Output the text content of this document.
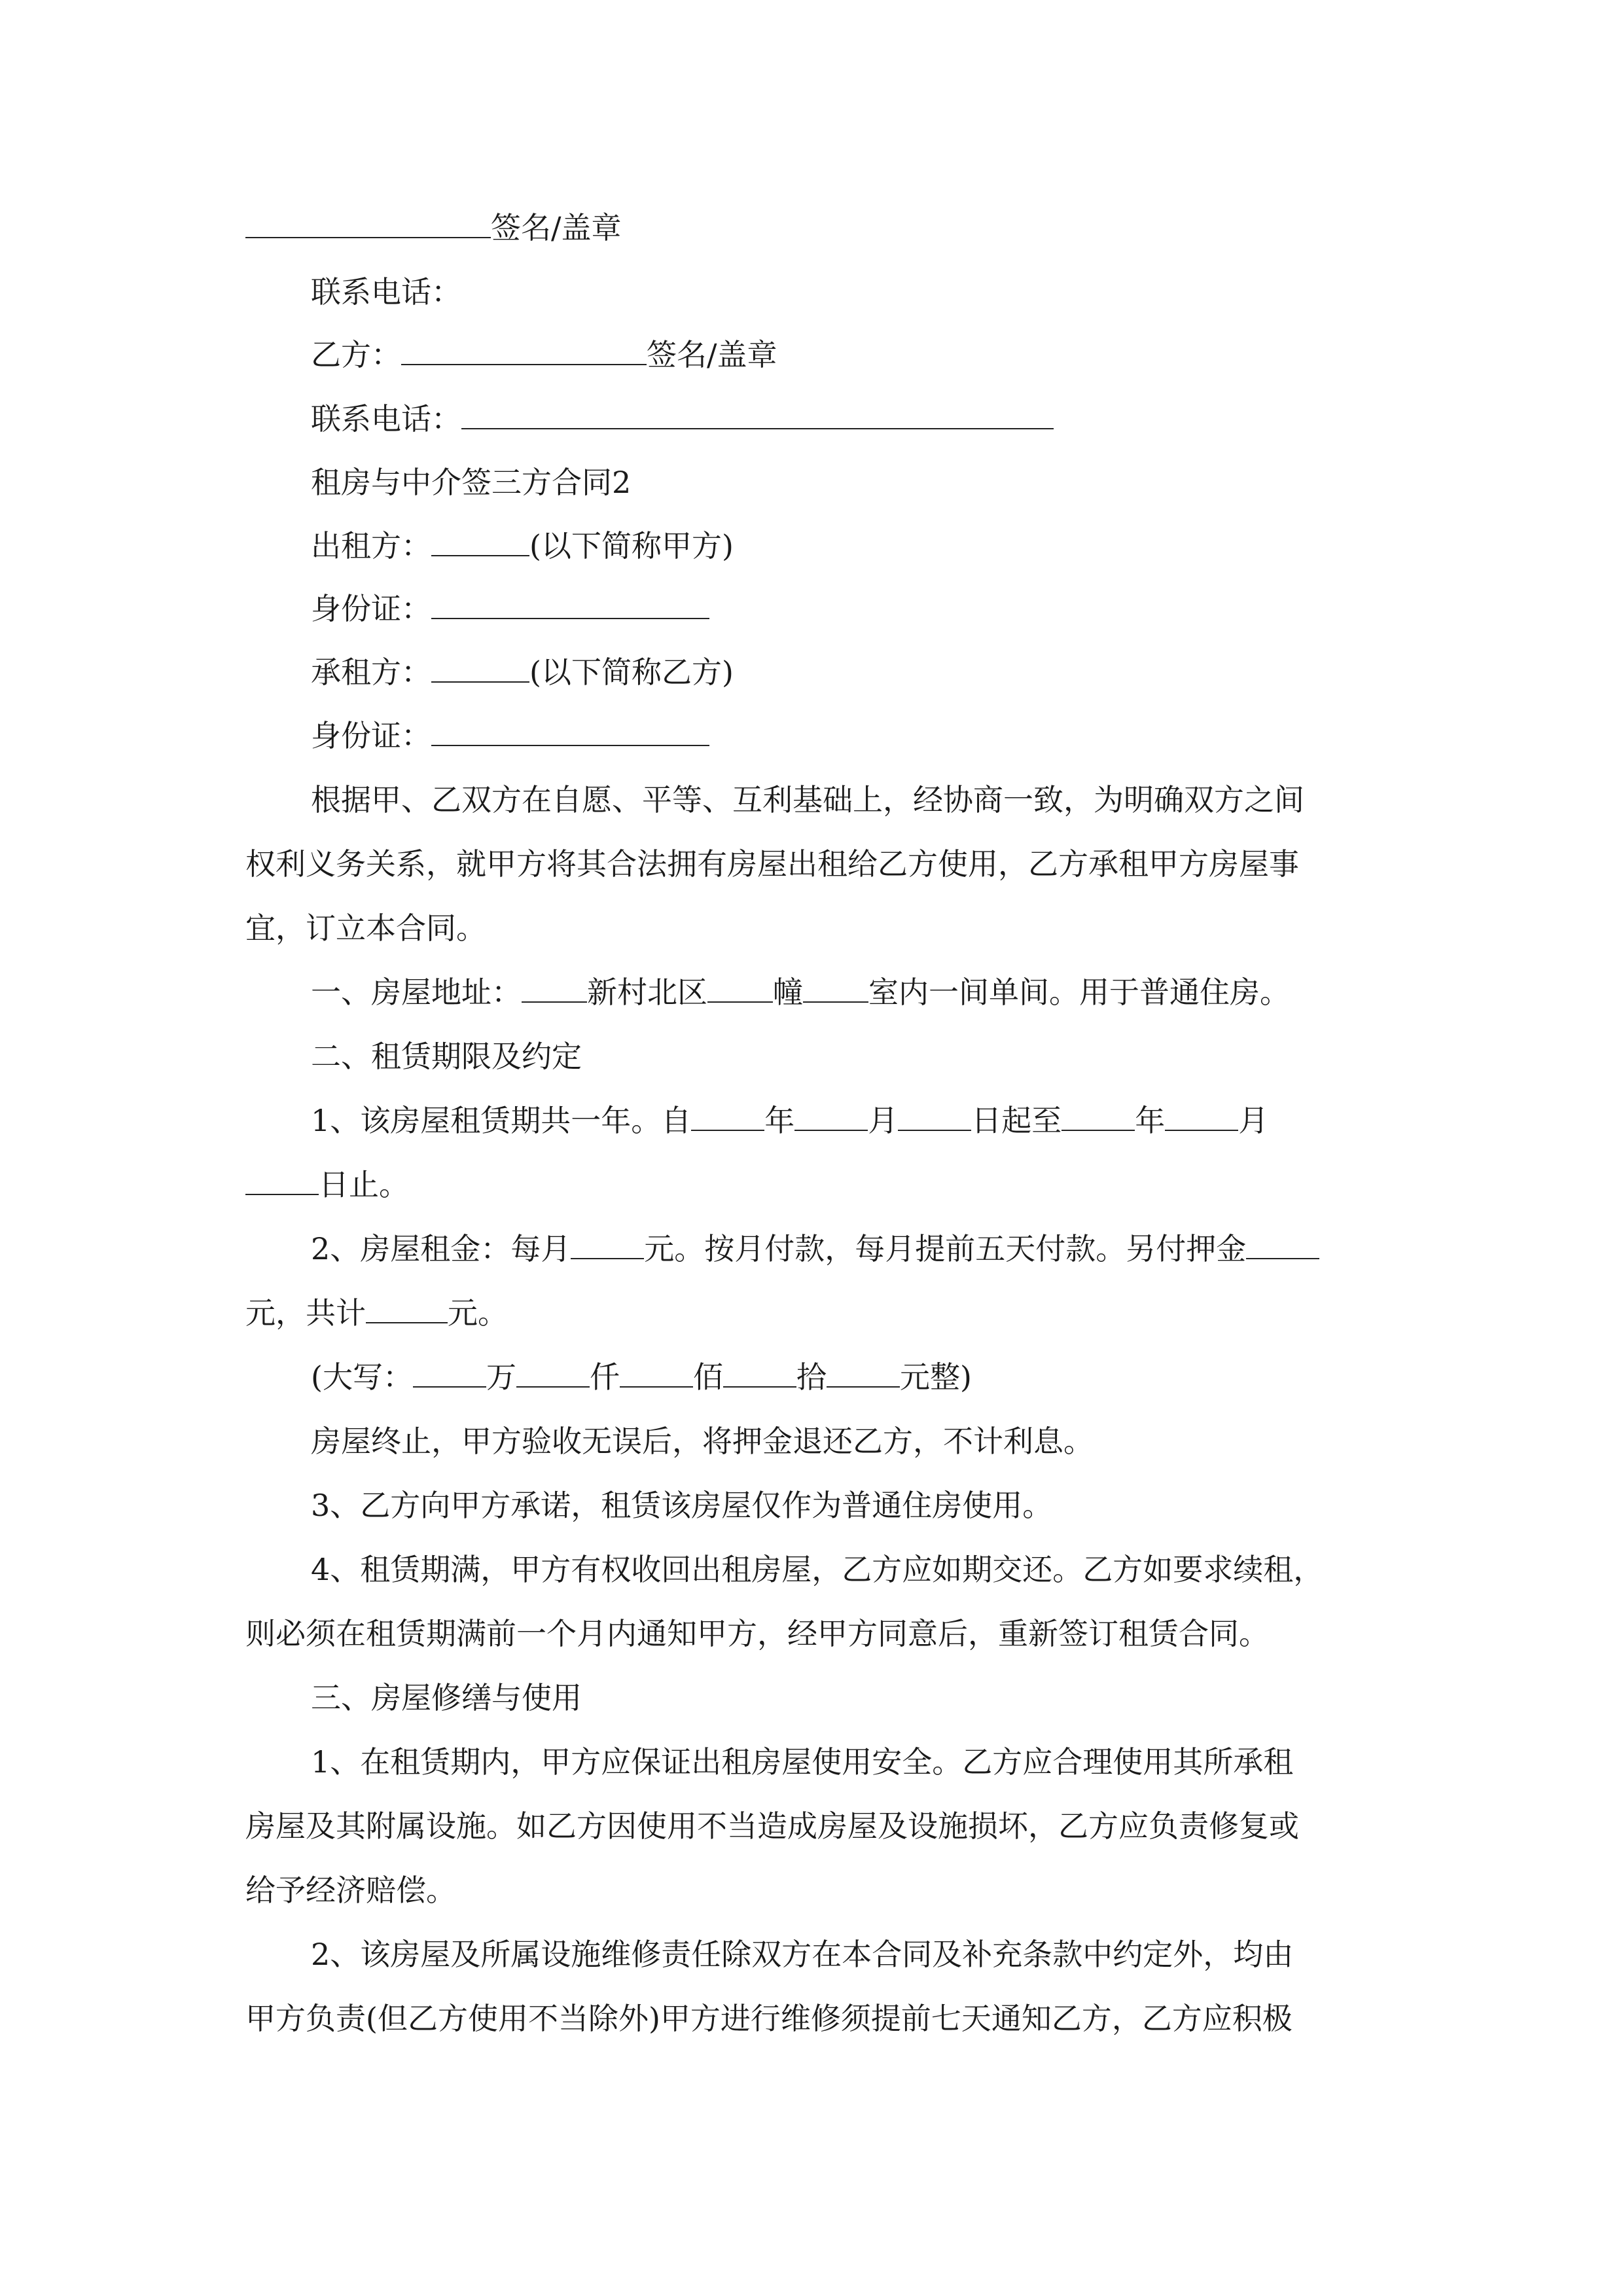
签名/盖章
联系电话：
乙方：	签名/盖章
联系电话：
租房与中介签三方合同2
出租方：	(以下简称甲方)
身份证：
承租方：	(以下简称乙方)
身份证：
根据甲、乙双方在自愿、平等、互利基础上，经协商一致，为明确双方之间
权利义务关系，就甲方将其合法拥有房屋出租给乙方使用，乙方承租甲方房屋事
宜，订立本合同。
一、房屋地址： 新村北区 幢 室内一间单间。用于普通住房。
二、租赁期限及约定
1、该房屋租赁期共一年。自 年 月 日起至 年 月
日止。
2、房屋租金：每月 元。按月付款，每月提前五天付款。另付押金
元，共计	元。
(大写： 万 仟 佰 拾 元整)
房屋终止，甲方验收无误后，将押金退还乙方，不计利息。
3、乙方向甲方承诺，租赁该房屋仅作为普通住房使用。
4、租赁期满，甲方有权收回出租房屋，乙方应如期交还。乙方如要求续租，
则必须在租赁期满前一个月内通知甲方，经甲方同意后，重新签订租赁合同。
三、房屋修缮与使用
1、在租赁期内，甲方应保证出租房屋使用安全。乙方应合理使用其所承租
房屋及其附属设施。如乙方因使用不当造成房屋及设施损坏，乙方应负责修复或
给予经济赔偿。
2、该房屋及所属设施维修责任除双方在本合同及补充条款中约定外，均由
甲方负责(但乙方使用不当除外)甲方进行维修须提前七天通知乙方，乙方应积极
